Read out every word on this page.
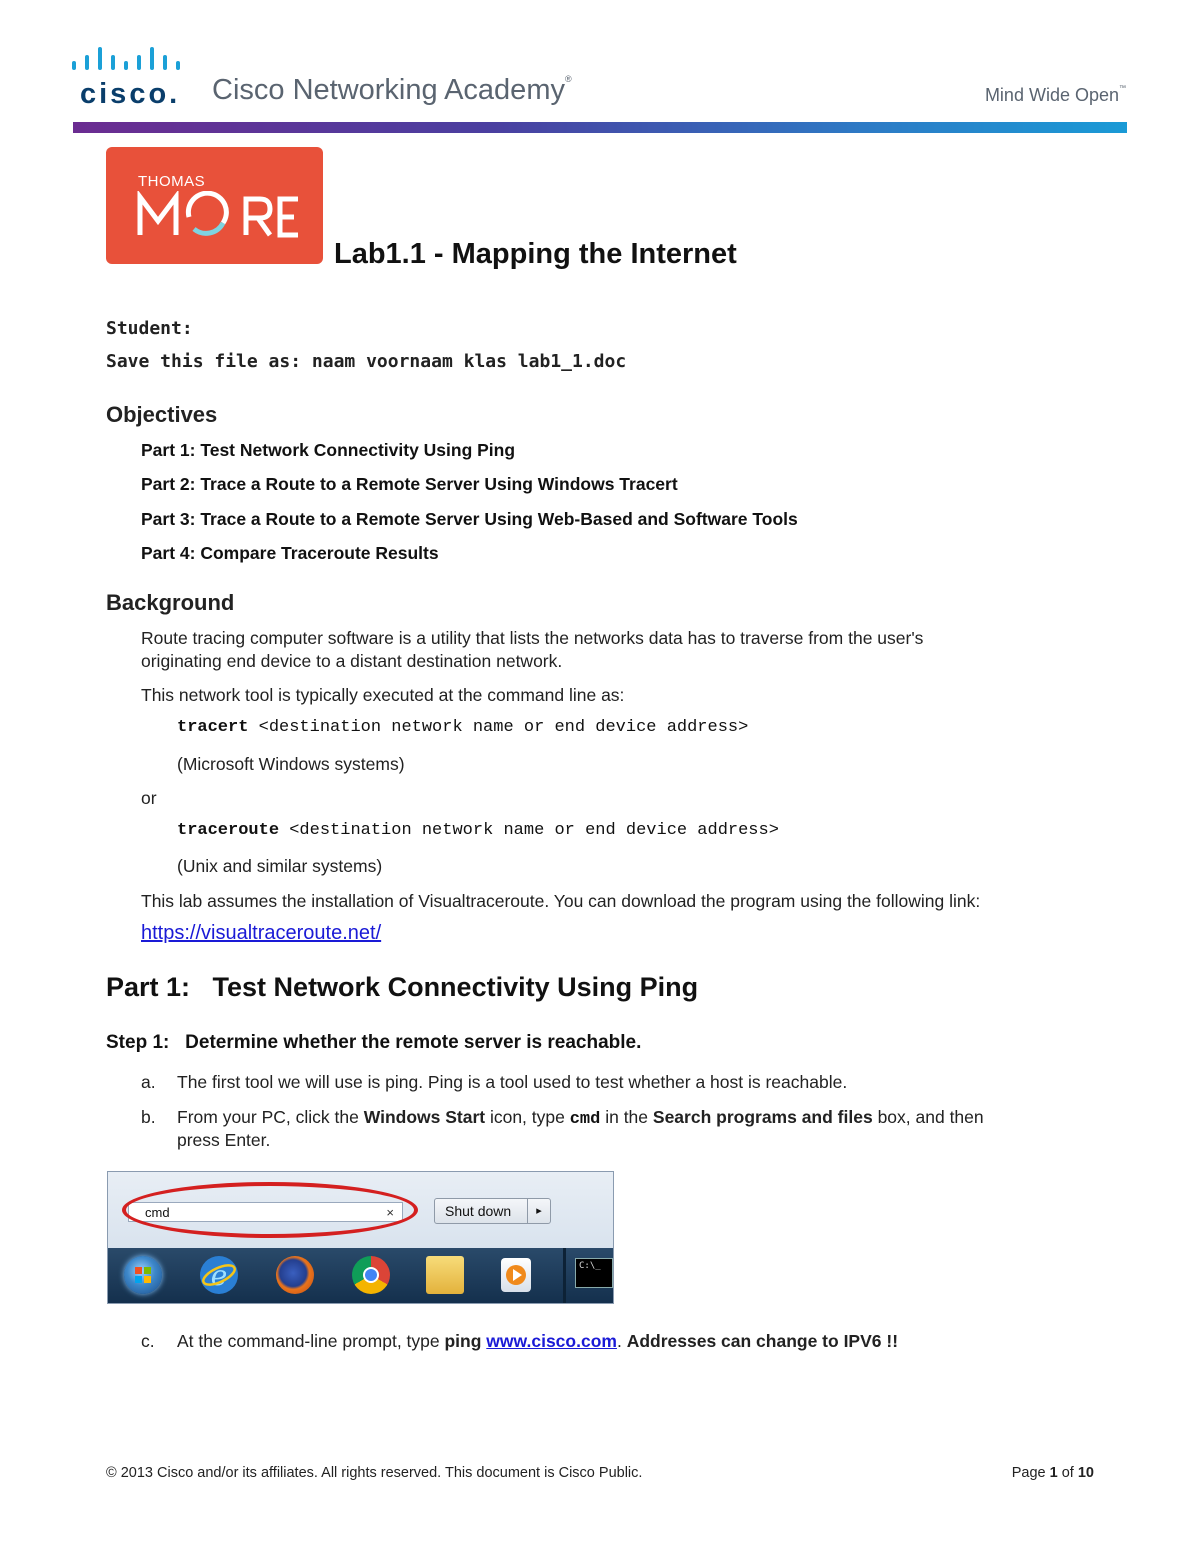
cisco. Cisco Networking Academy®
Mind Wide Open™
THOMAS
Lab1.1 - Mapping the Internet
Student:
Save this file as: naam voornaam klas lab1_1.doc
Objectives
Part 1: Test Network Connectivity Using Ping
Part 2: Trace a Route to a Remote Server Using Windows Tracert
Part 3: Trace a Route to a Remote Server Using Web-Based and Software Tools
Part 4: Compare Traceroute Results
Background
Route tracing computer software is a utility that lists the networks data has to traverse from the user's
originating end device to a distant destination network.
This network tool is typically executed at the command line as:
tracert <destination network name or end device address>
(Microsoft Windows systems)
or
traceroute <destination network name or end device address>
(Unix and similar systems)
This lab assumes the installation of Visualtraceroute. You can download the program using the following link:
https://visualtraceroute.net/
Part 1:   Test Network Connectivity Using Ping
Step 1:   Determine whether the remote server is reachable.
a. The first tool we will use is ping. Ping is a tool used to test whether a host is reachable.
b. From your PC, click the Windows Start icon, type cmd in the Search programs and files box, and then
press Enter.
cmd	×	Shut down	▸
e	C:\_
c. At the command-line prompt, type ping www.cisco.com. Addresses can change to IPV6 !!
© 2013 Cisco and/or its affiliates. All rights reserved. This document is Cisco Public.	Page 1 of 10
